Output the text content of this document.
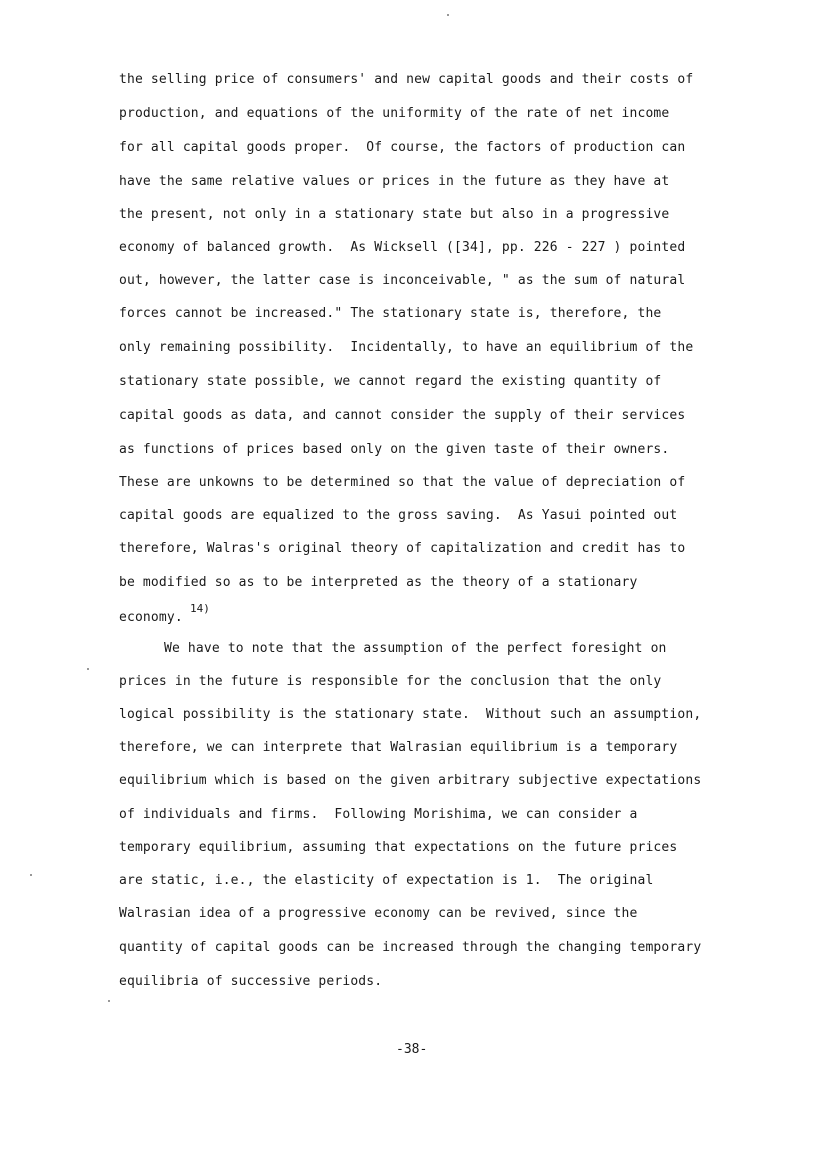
the selling price of consumers' and new capital goods and their costs of
production, and equations of the uniformity of the rate of net income
for all capital goods proper.  Of course, the factors of production can
have the same relative values or prices in the future as they have at
the present, not only in a stationary state but also in a progressive
economy of balanced growth.  As Wicksell ([34], pp. 226 - 227 ) pointed
out, however, the latter case is inconceivable, " as the sum of natural
forces cannot be increased." The stationary state is, therefore, the
only remaining possibility.  Incidentally, to have an equilibrium of the
stationary state possible, we cannot regard the existing quantity of
capital goods as data, and cannot consider the supply of their services
as functions of prices based only on the given taste of their owners.
These are unkowns to be determined so that the value of depreciation of
capital goods are equalized to the gross saving.  As Yasui pointed out
therefore, Walras's original theory of capitalization and credit has to
be modified so as to be interpreted as the theory of a stationary
economy.
14)
We have to note that the assumption of the perfect foresight on
prices in the future is responsible for the conclusion that the only
logical possibility is the stationary state.  Without such an assumption,
therefore, we can interprete that Walrasian equilibrium is a temporary
equilibrium which is based on the given arbitrary subjective expectations
of individuals and firms.  Following Morishima, we can consider a
temporary equilibrium, assuming that expectations on the future prices
are static, i.e., the elasticity of expectation is 1.  The original
Walrasian idea of a progressive economy can be revived, since the
quantity of capital goods can be increased through the changing temporary
equilibria of successive periods.
-38-
